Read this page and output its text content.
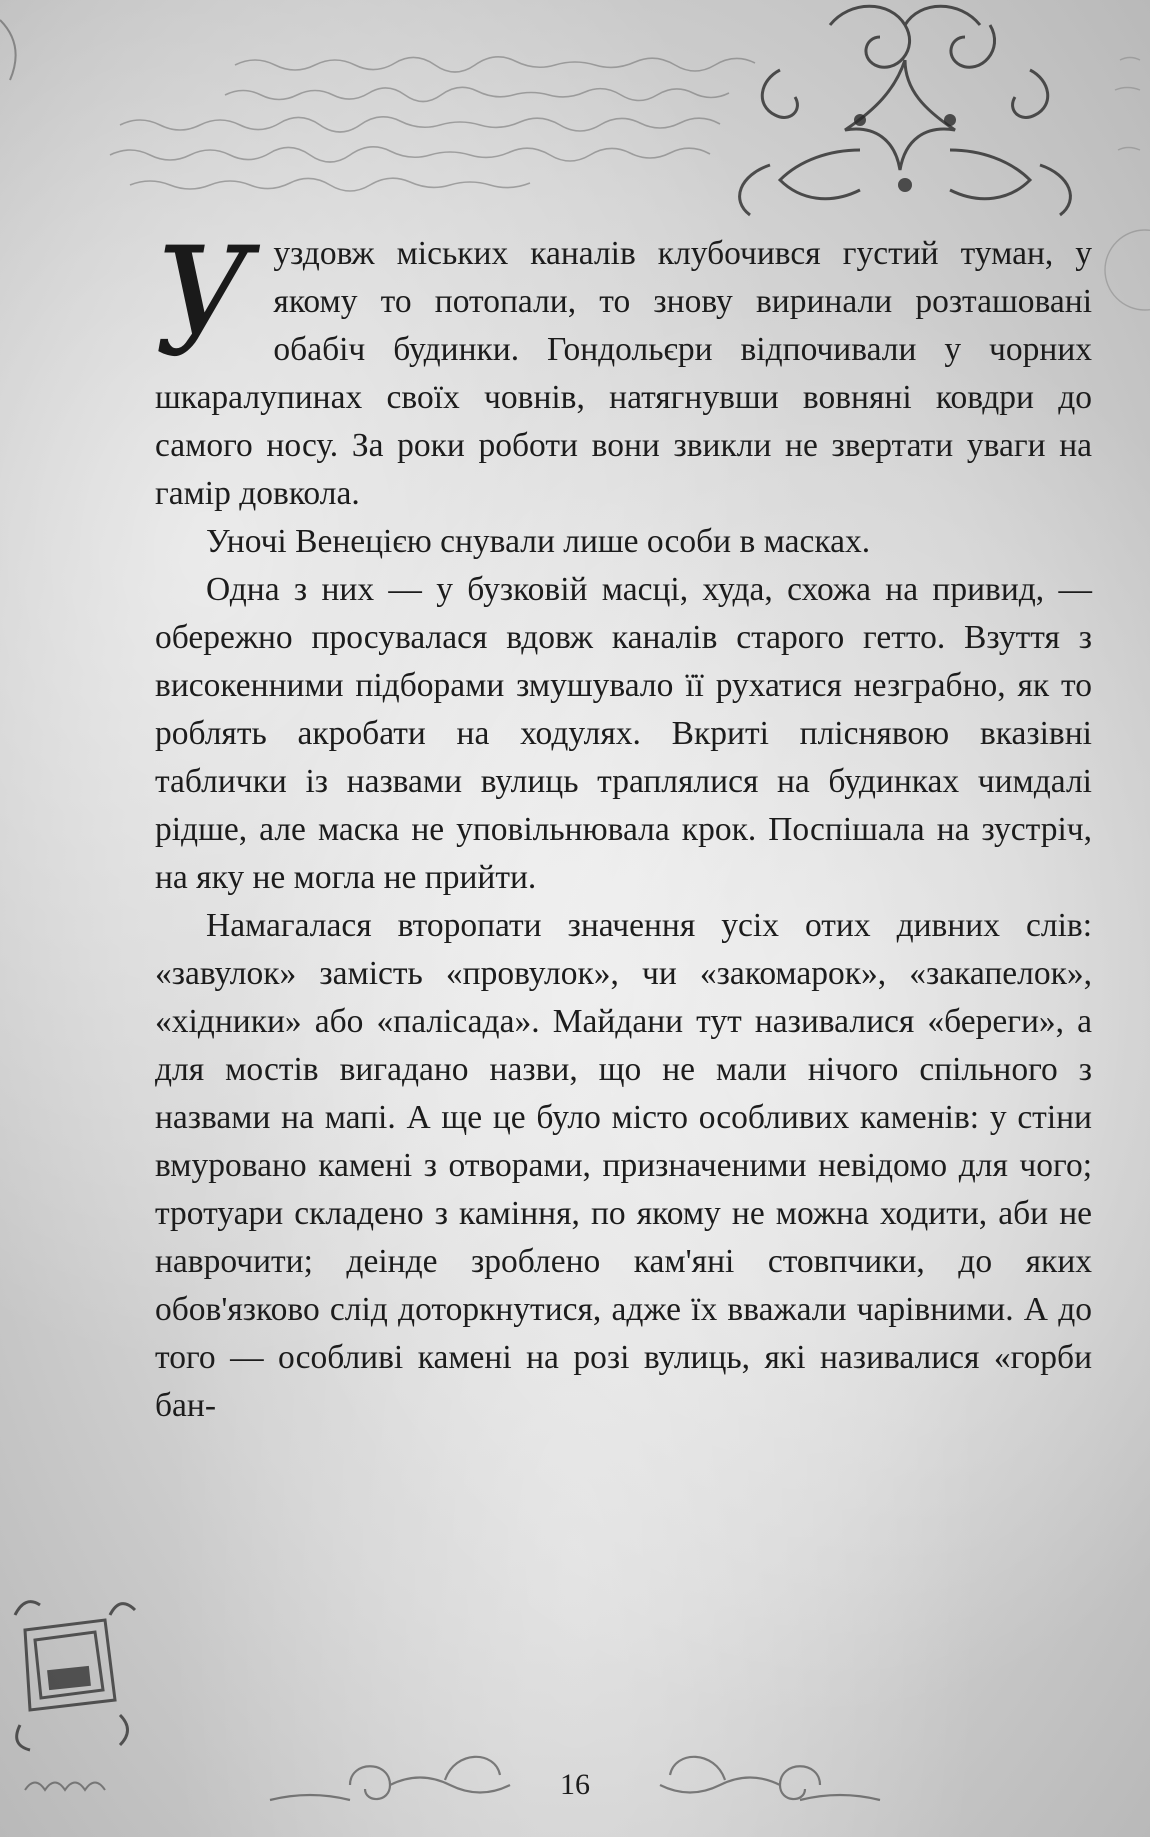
У уздовж міських каналів клубочився густий туман, у якому то потопали, то знову виринали розташовані обабіч будинки. Гондольєри відпочивали у чорних шкаралупинах своїх човнів, натягнувши вовняні ковдри до самого носу. За роки роботи вони звикли не звертати уваги на гамір довкола.

Уночі Венецією снували лише особи в масках.

Одна з них — у бузковій масці, худа, схожа на привид, — обережно просувалася вдовж каналів старого гетто. Взуття з високенними підборами змушувало її рухатися незграбно, як то роблять акробати на ходулях. Вкриті пліснявою вказівні таблички із назвами вулиць траплялися на будинках чимдалі рідше, але маска не уповільнювала крок. Поспішала на зустріч, на яку не могла не прийти.

Намагалася второпати значення усіх отих дивних слів: «завулок» замість «провулок», чи «закомарок», «закапелок», «хідники» або «палісада». Майдани тут називалися «береги», а для мостів вигадано назви, що не мали нічого спільного з назвами на мапі. А ще це було місто особливих каменів: у стіни вмуровано камені з отворами, призначеними невідомо для чого; тротуари складено з каміння, по якому не можна ходити, аби не наврочити; деінде зроблено кам'яні стовпчики, до яких обов'язково слід доторкнутися, адже їх вважали чарівними. А до того — особливі камені на розі вулиць, які називалися «горби бан-

16
